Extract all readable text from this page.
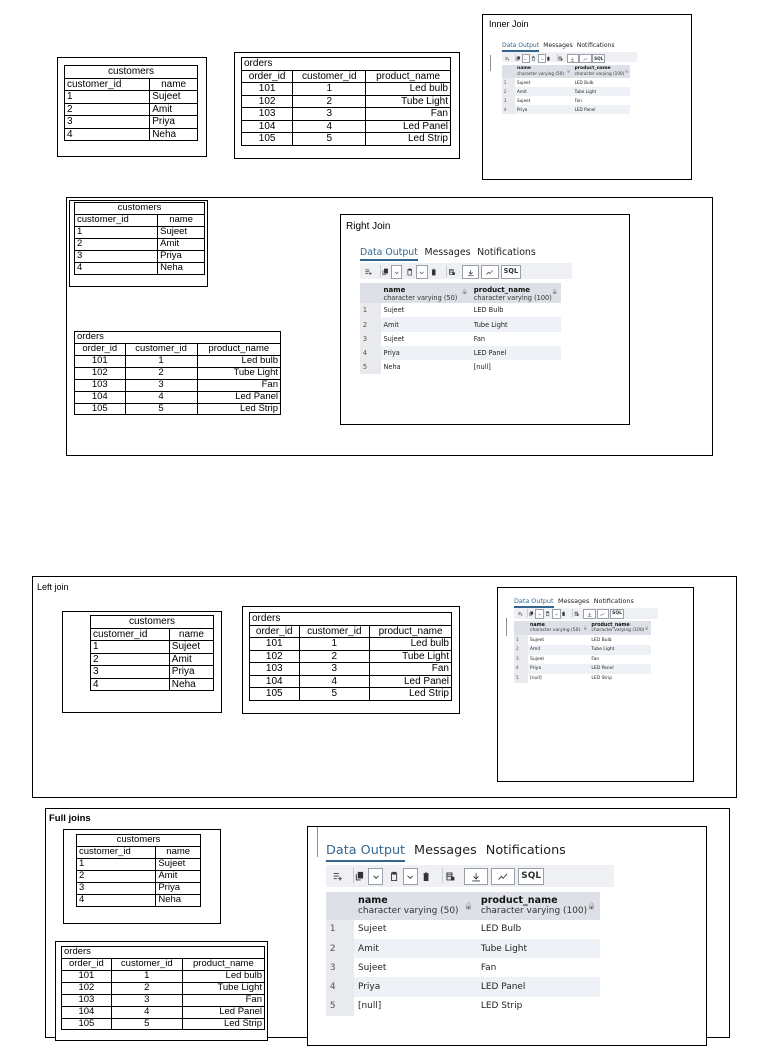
customers	
customer_id	name
1	Sujeet
2	Amit
3	Priya
4	Neha
orders		
order_id	customer_id	product_name
101	1	Led bulb
102	2	Tube Light
103	3	Fan
104	4	Led Panel
105	5	Led Strip
Inner Join
Data Output Messages Notifications
SQL

	🔒
name
character varying (50)	🔒
product_name
character varying (100)

1	Sujeet	LED Bulb
2	Amit	Tube Light
3	Sujeet	Fan
4	Priya	LED Panel
customers	
customer_id	name
1	Sujeet
2	Amit
3	Priya
4	Neha
orders		
order_id	customer_id	product_name
101	1	Led bulb
102	2	Tube Light
103	3	Fan
104	4	Led Panel
105	5	Led Strip
Right Join
Data Output Messages Notifications
SQL

	🔒
name
character varying (50)	🔒
product_name
character varying (100)

1	Sujeet	LED Bulb
2	Amit	Tube Light
3	Sujeet	Fan
4	Priya	LED Panel
5	Neha	[null]
Left join
customers	
customer_id	name
1	Sujeet
2	Amit
3	Priya
4	Neha
orders		
order_id	customer_id	product_name
101	1	Led bulb
102	2	Tube Light
103	3	Fan
104	4	Led Panel
105	5	Led Strip
Data Output Messages Notifications
SQL

	🔒
name
character varying (50)	🔒
product_name
character varying (100)

1	Sujeet	LED Bulb
2	Amit	Tube Light
3	Sujeet	Fan
4	Priya	LED Panel
5	[null]	LED Strip
Full joins
customers	
customer_id	name
1	Sujeet
2	Amit
3	Priya
4	Neha
orders		
order_id	customer_id	product_name
101	1	Led bulb
102	2	Tube Light
103	3	Fan
104	4	Led Panel
105	5	Led Strip
Data Output Messages Notifications
SQL

	🔒
name
character varying (50)	🔒
product_name
character varying (100)

1	Sujeet	LED Bulb
2	Amit	Tube Light
3	Sujeet	Fan
4	Priya	LED Panel
5	[null]	LED Strip
